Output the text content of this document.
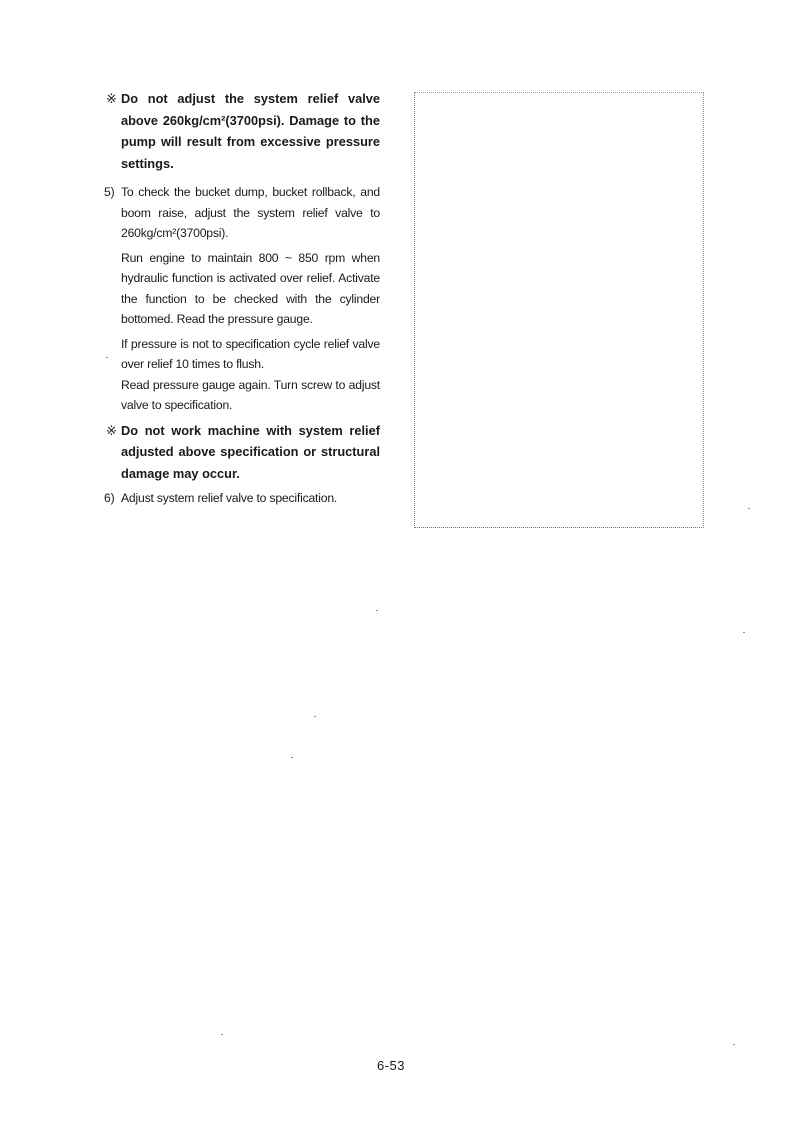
※ Do not adjust the system relief valve above 260kg/cm²(3700psi). Damage to the pump will result from excessive pressure settings.
5) To check the bucket dump, bucket rollback, and boom raise, adjust the system relief valve to 260kg/cm²(3700psi).
Run engine to maintain 800 ~ 850 rpm when hydraulic function is activated over relief. Activate the function to be checked with the cylinder bottomed. Read the pressure gauge.
If pressure is not to specification cycle relief valve over relief 10 times to flush.
Read pressure gauge again. Turn screw to adjust valve to specification.
※ Do not work machine with system relief adjusted above specification or structural damage may occur.
6) Adjust system relief valve to specification.
6-53
